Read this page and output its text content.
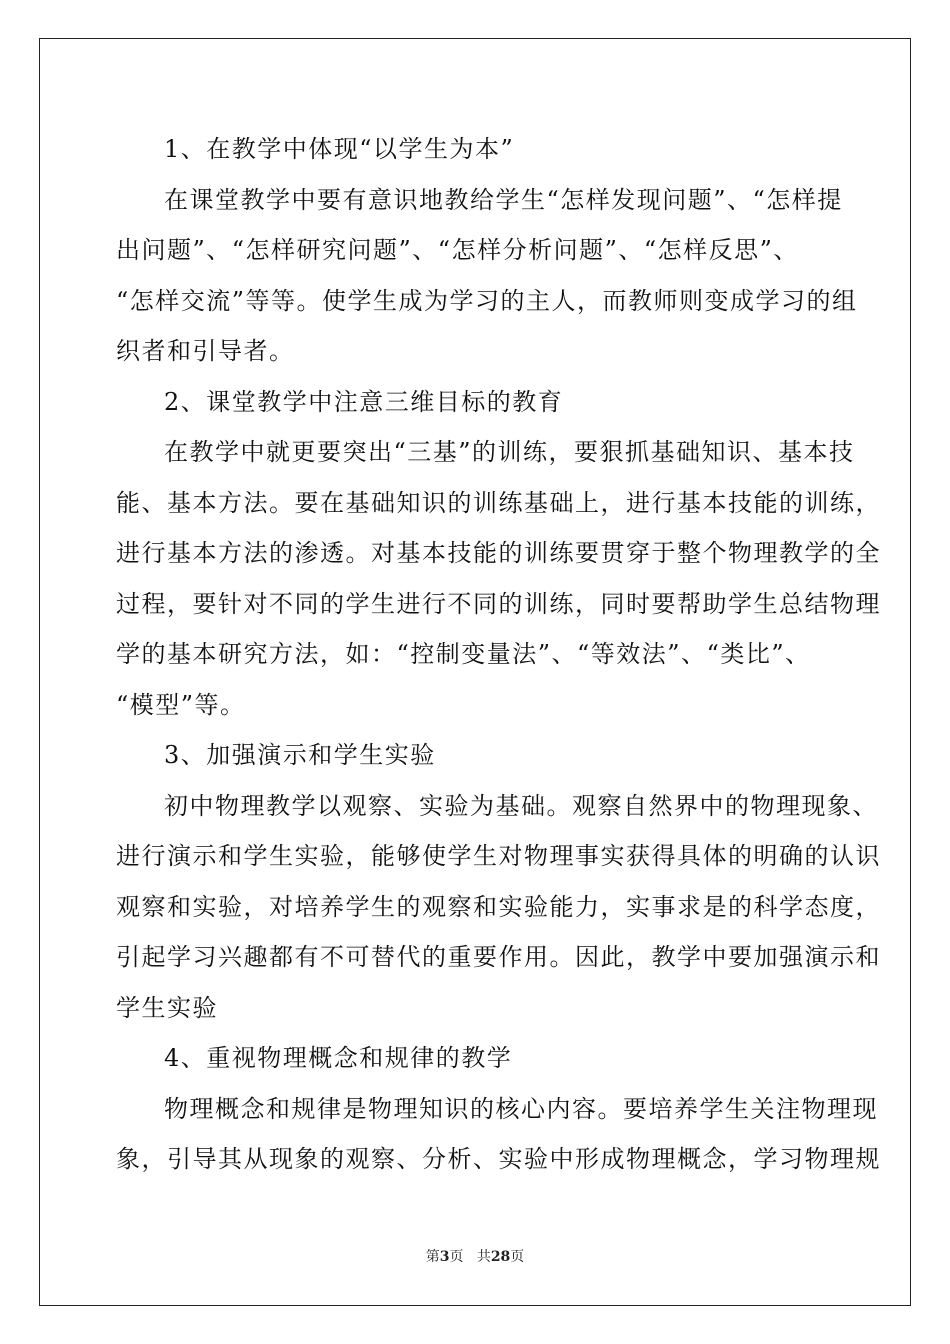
1、在教学中体现“以学生为本”
在课堂教学中要有意识地教给学生“怎样发现问题”、“怎样提
出问题”、“怎样研究问题”、“怎样分析问题”、“怎样反思”、
“怎样交流”等等。使学生成为学习的主人，而教师则变成学习的组
织者和引导者。
2、课堂教学中注意三维目标的教育
在教学中就更要突出“三基”的训练，要狠抓基础知识、基本技
能、基本方法。要在基础知识的训练基础上，进行基本技能的训练，
进行基本方法的渗透。对基本技能的训练要贯穿于整个物理教学的全
过程，要针对不同的学生进行不同的训练，同时要帮助学生总结物理
学的基本研究方法，如：“控制变量法”、“等效法”、“类比”、
“模型”等。
3、加强演示和学生实验
初中物理教学以观察、实验为基础。观察自然界中的物理现象、
进行演示和学生实验，能够使学生对物理事实获得具体的明确的认识
观察和实验，对培养学生的观察和实验能力，实事求是的科学态度，
引起学习兴趣都有不可替代的重要作用。因此，教学中要加强演示和
学生实验
4、重视物理概念和规律的教学
物理概念和规律是物理知识的核心内容。要培养学生关注物理现
象，引导其从现象的观察、分析、实验中形成物理概念，学习物理规
第3页 共28页
